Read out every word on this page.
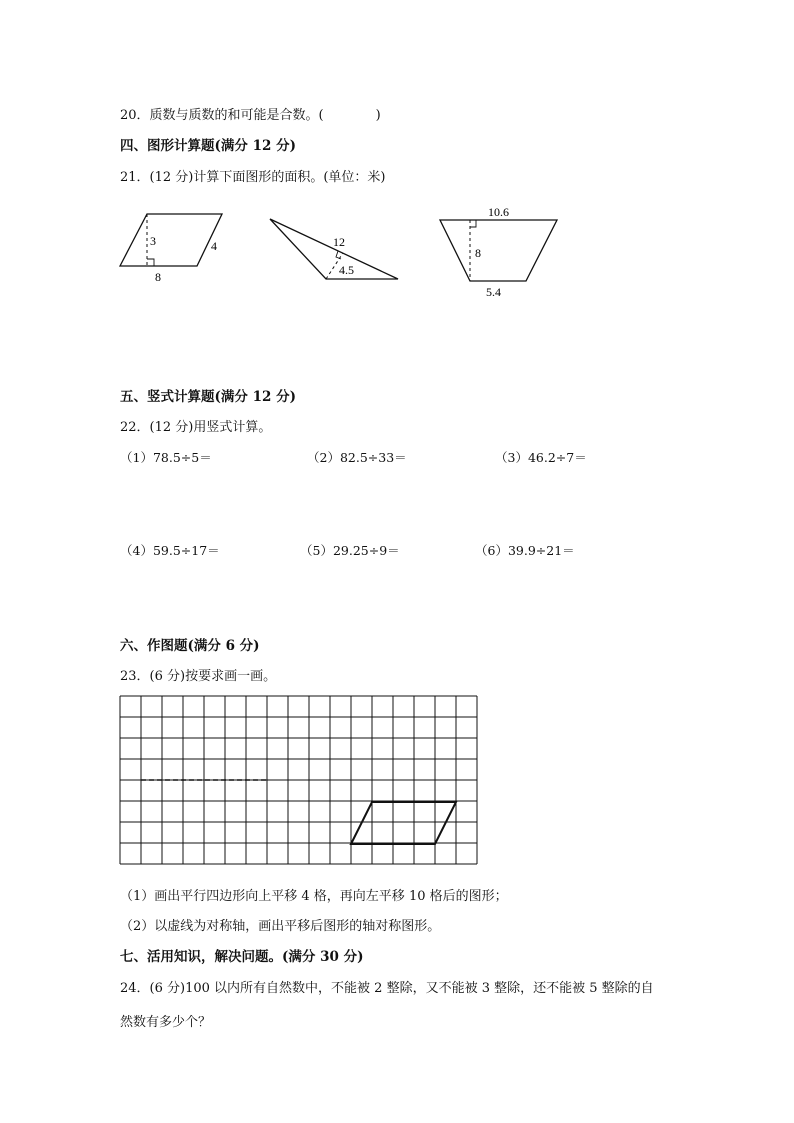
20．质数与质数的和可能是合数。(　　　　)
四、图形计算题(满分 12 分)
21．(12 分)计算下面图形的面积。(单位：米)
3	4
8
12
4.5
10.6
8
5.4
五、竖式计算题(满分 12 分)
22．(12 分)用竖式计算。
（1）78.5÷5＝	（2）82.5÷33＝	（3）46.2÷7＝
（4）59.5÷17＝	（5）29.25÷9＝	（6）39.9÷21＝
六、作图题(满分 6 分)
23．(6 分)按要求画一画。
（1）画出平行四边形向上平移 4 格，再向左平移 10 格后的图形；
（2）以虚线为对称轴，画出平移后图形的轴对称图形。
七、活用知识，解决问题。(满分 30 分)
24．(6 分)100 以内所有自然数中，不能被 2 整除，又不能被 3 整除，还不能被 5 整除的自
然数有多少个？
